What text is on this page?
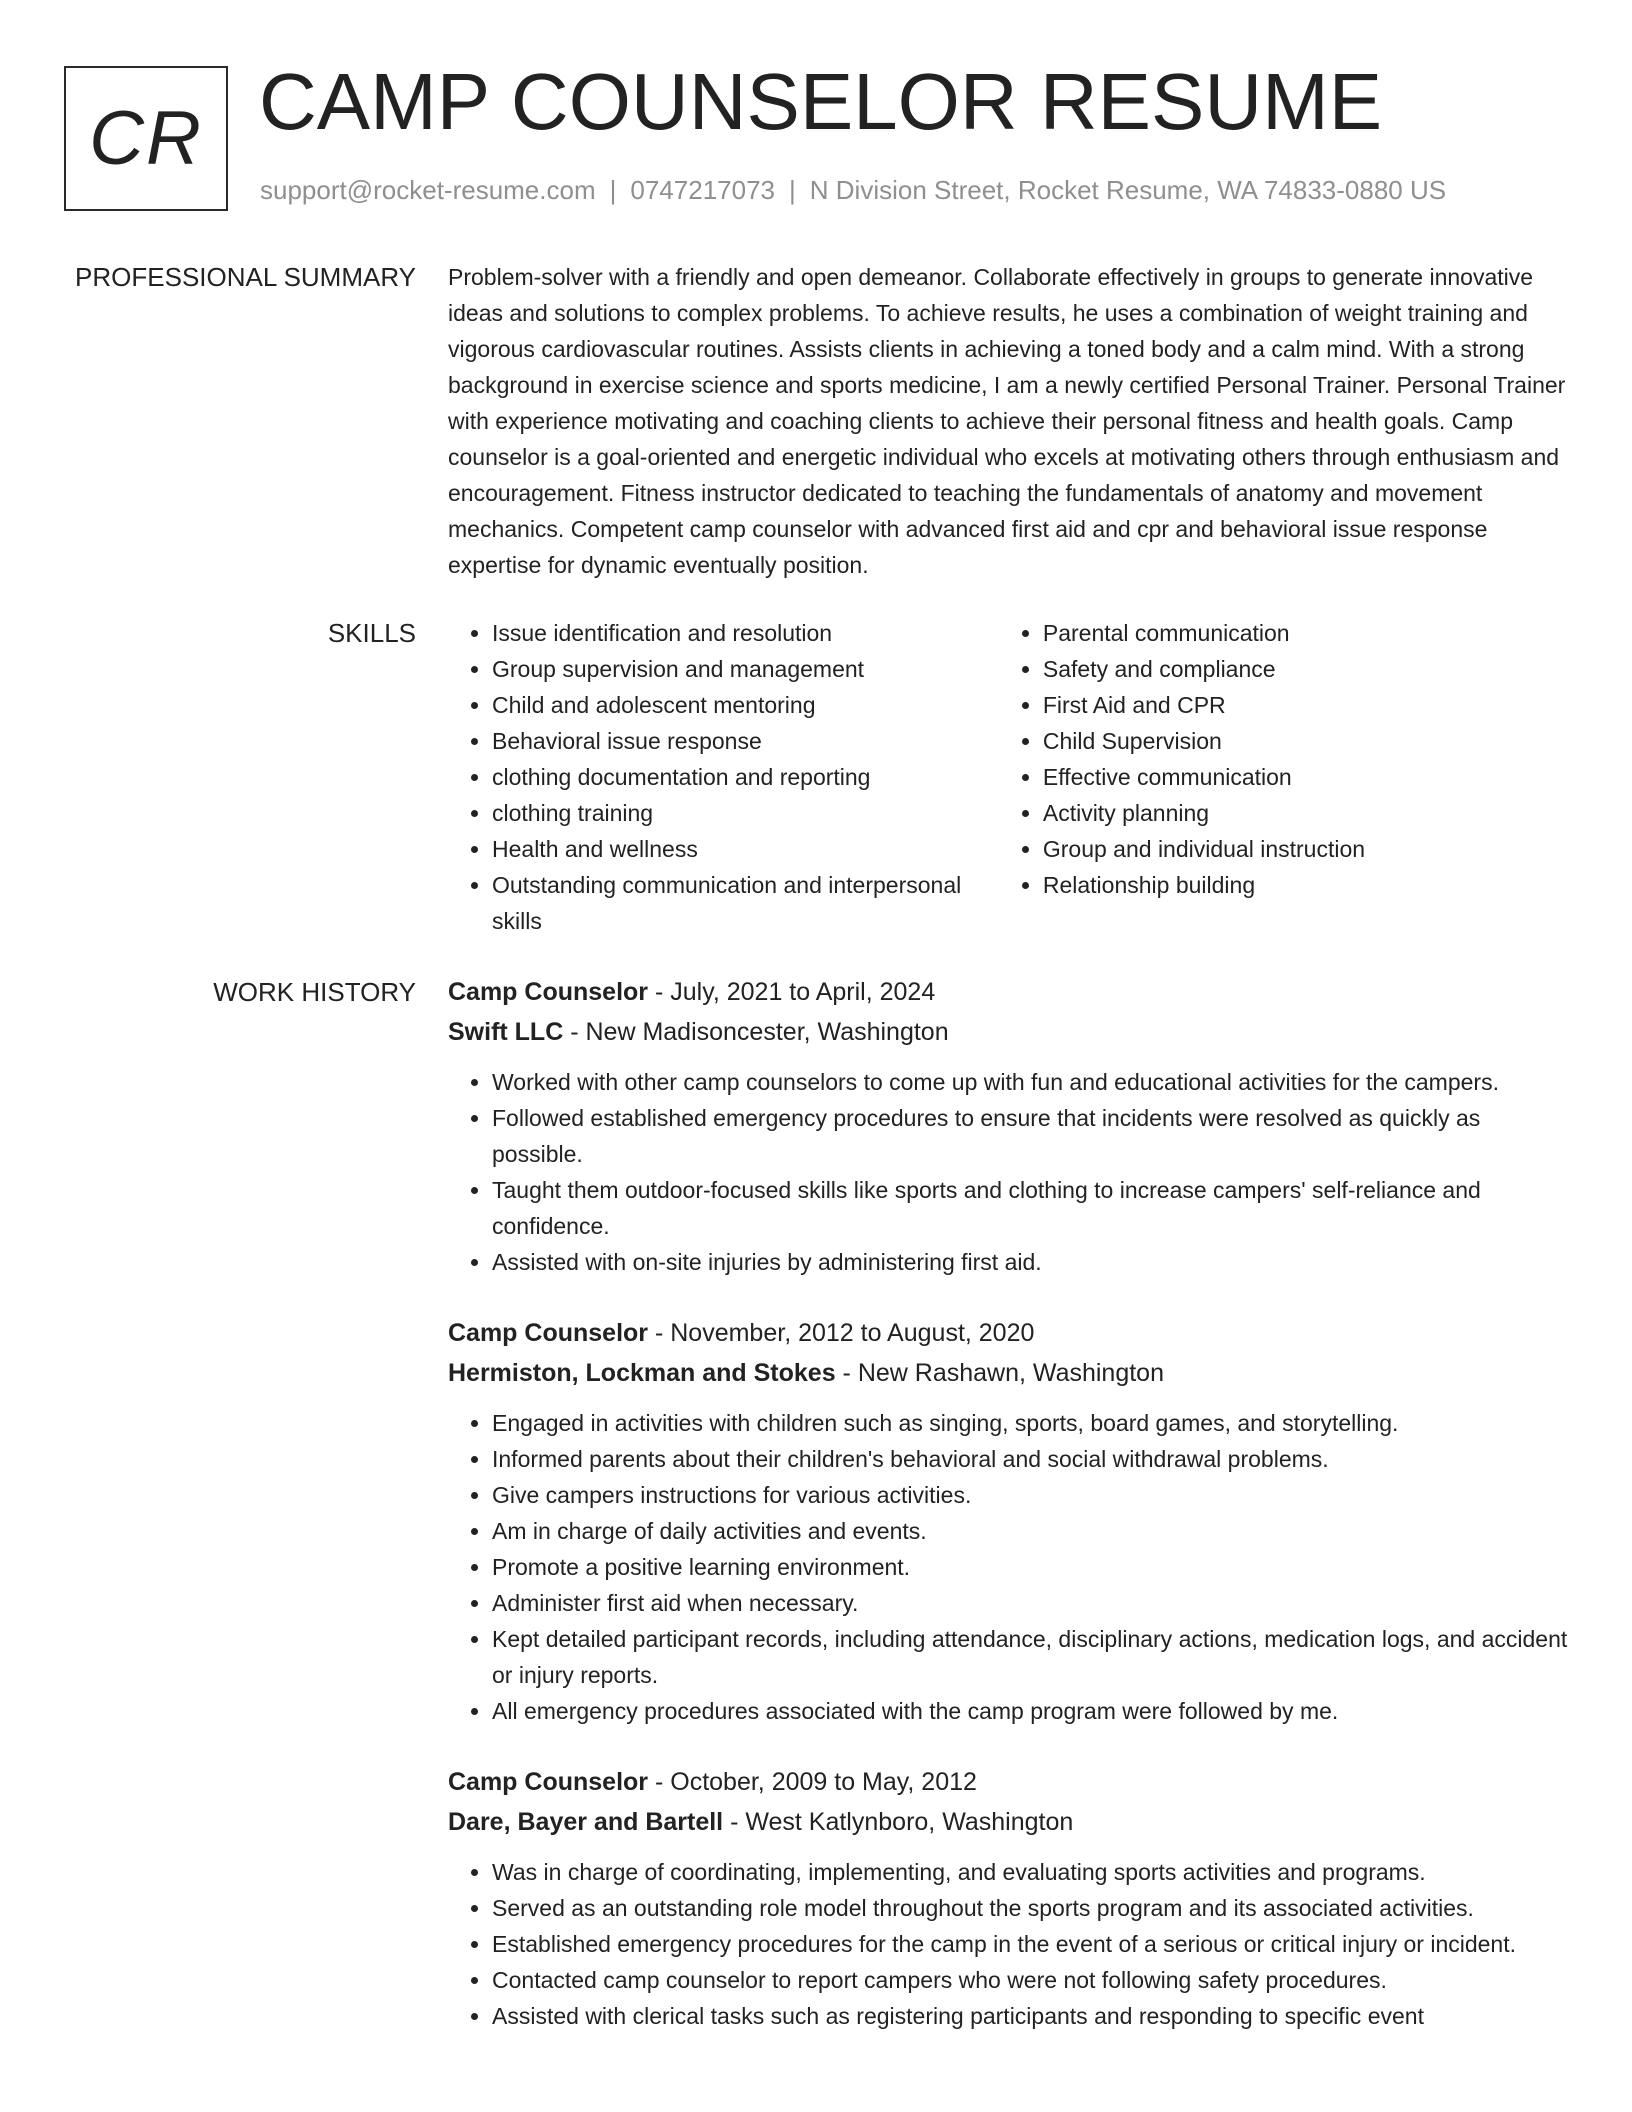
CR CAMP COUNSELOR RESUME
support@rocket-resume.com | 0747217073 | N Division Street, Rocket Resume, WA 74833-0880 US
PROFESSIONAL SUMMARY Problem-solver with a friendly and open demeanor. Collaborate effectively in groups to generate innovative ideas and solutions to complex problems. To achieve results, he uses a combination of weight training and vigorous cardiovascular routines. Assists clients in achieving a toned body and a calm mind. With a strong background in exercise science and sports medicine, I am a newly certified Personal Trainer. Personal Trainer with experience motivating and coaching clients to achieve their personal fitness and health goals. Camp counselor is a goal-oriented and energetic individual who excels at motivating others through enthusiasm and encouragement. Fitness instructor dedicated to teaching the fundamentals of anatomy and movement mechanics. Competent camp counselor with advanced first aid and cpr and behavioral issue response expertise for dynamic eventually position.

SKILLS
•	Issue identification and resolution
• Group supervision and management
• Child and adolescent mentoring
• Behavioral issue response
• clothing documentation and reporting
• clothing training
• Health and wellness
• Outstanding communication and interpersonal skills
• Parental communication
• Safety and compliance
• First Aid and CPR
• Child Supervision
• Effective communication
• Activity planning
• Group and individual instruction
• Relationship building
WORK HISTORY Camp Counselor - July, 2021 to April, 2024
Swift LLC - New Madisoncester, Washington
• Worked with other camp counselors to come up with fun and educational activities for the campers.
• Followed established emergency procedures to ensure that incidents were resolved as quickly as possible.
• Taught them outdoor-focused skills like sports and clothing to increase campers' self-reliance and confidence.
• Assisted with on-site injuries by administering first aid.
Camp Counselor - November, 2012 to August, 2020
Hermiston, Lockman and Stokes - New Rashawn, Washington
• Engaged in activities with children such as singing, sports, board games, and storytelling.
• Informed parents about their children's behavioral and social withdrawal problems.
• Give campers instructions for various activities.
• Am in charge of daily activities and events.
• Promote a positive learning environment.
• Administer first aid when necessary.
• Kept detailed participant records, including attendance, disciplinary actions, medication logs, and accident or injury reports.
• All emergency procedures associated with the camp program were followed by me.
Camp Counselor - October, 2009 to May, 2012
Dare, Bayer and Bartell - West Katlynboro, Washington
• Was in charge of coordinating, implementing, and evaluating sports activities and programs.
• Served as an outstanding role model throughout the sports program and its associated activities.
• Established emergency procedures for the camp in the event of a serious or critical injury or incident.
• Contacted camp counselor to report campers who were not following safety procedures.
• Assisted with clerical tasks such as registering participants and responding to specific event
